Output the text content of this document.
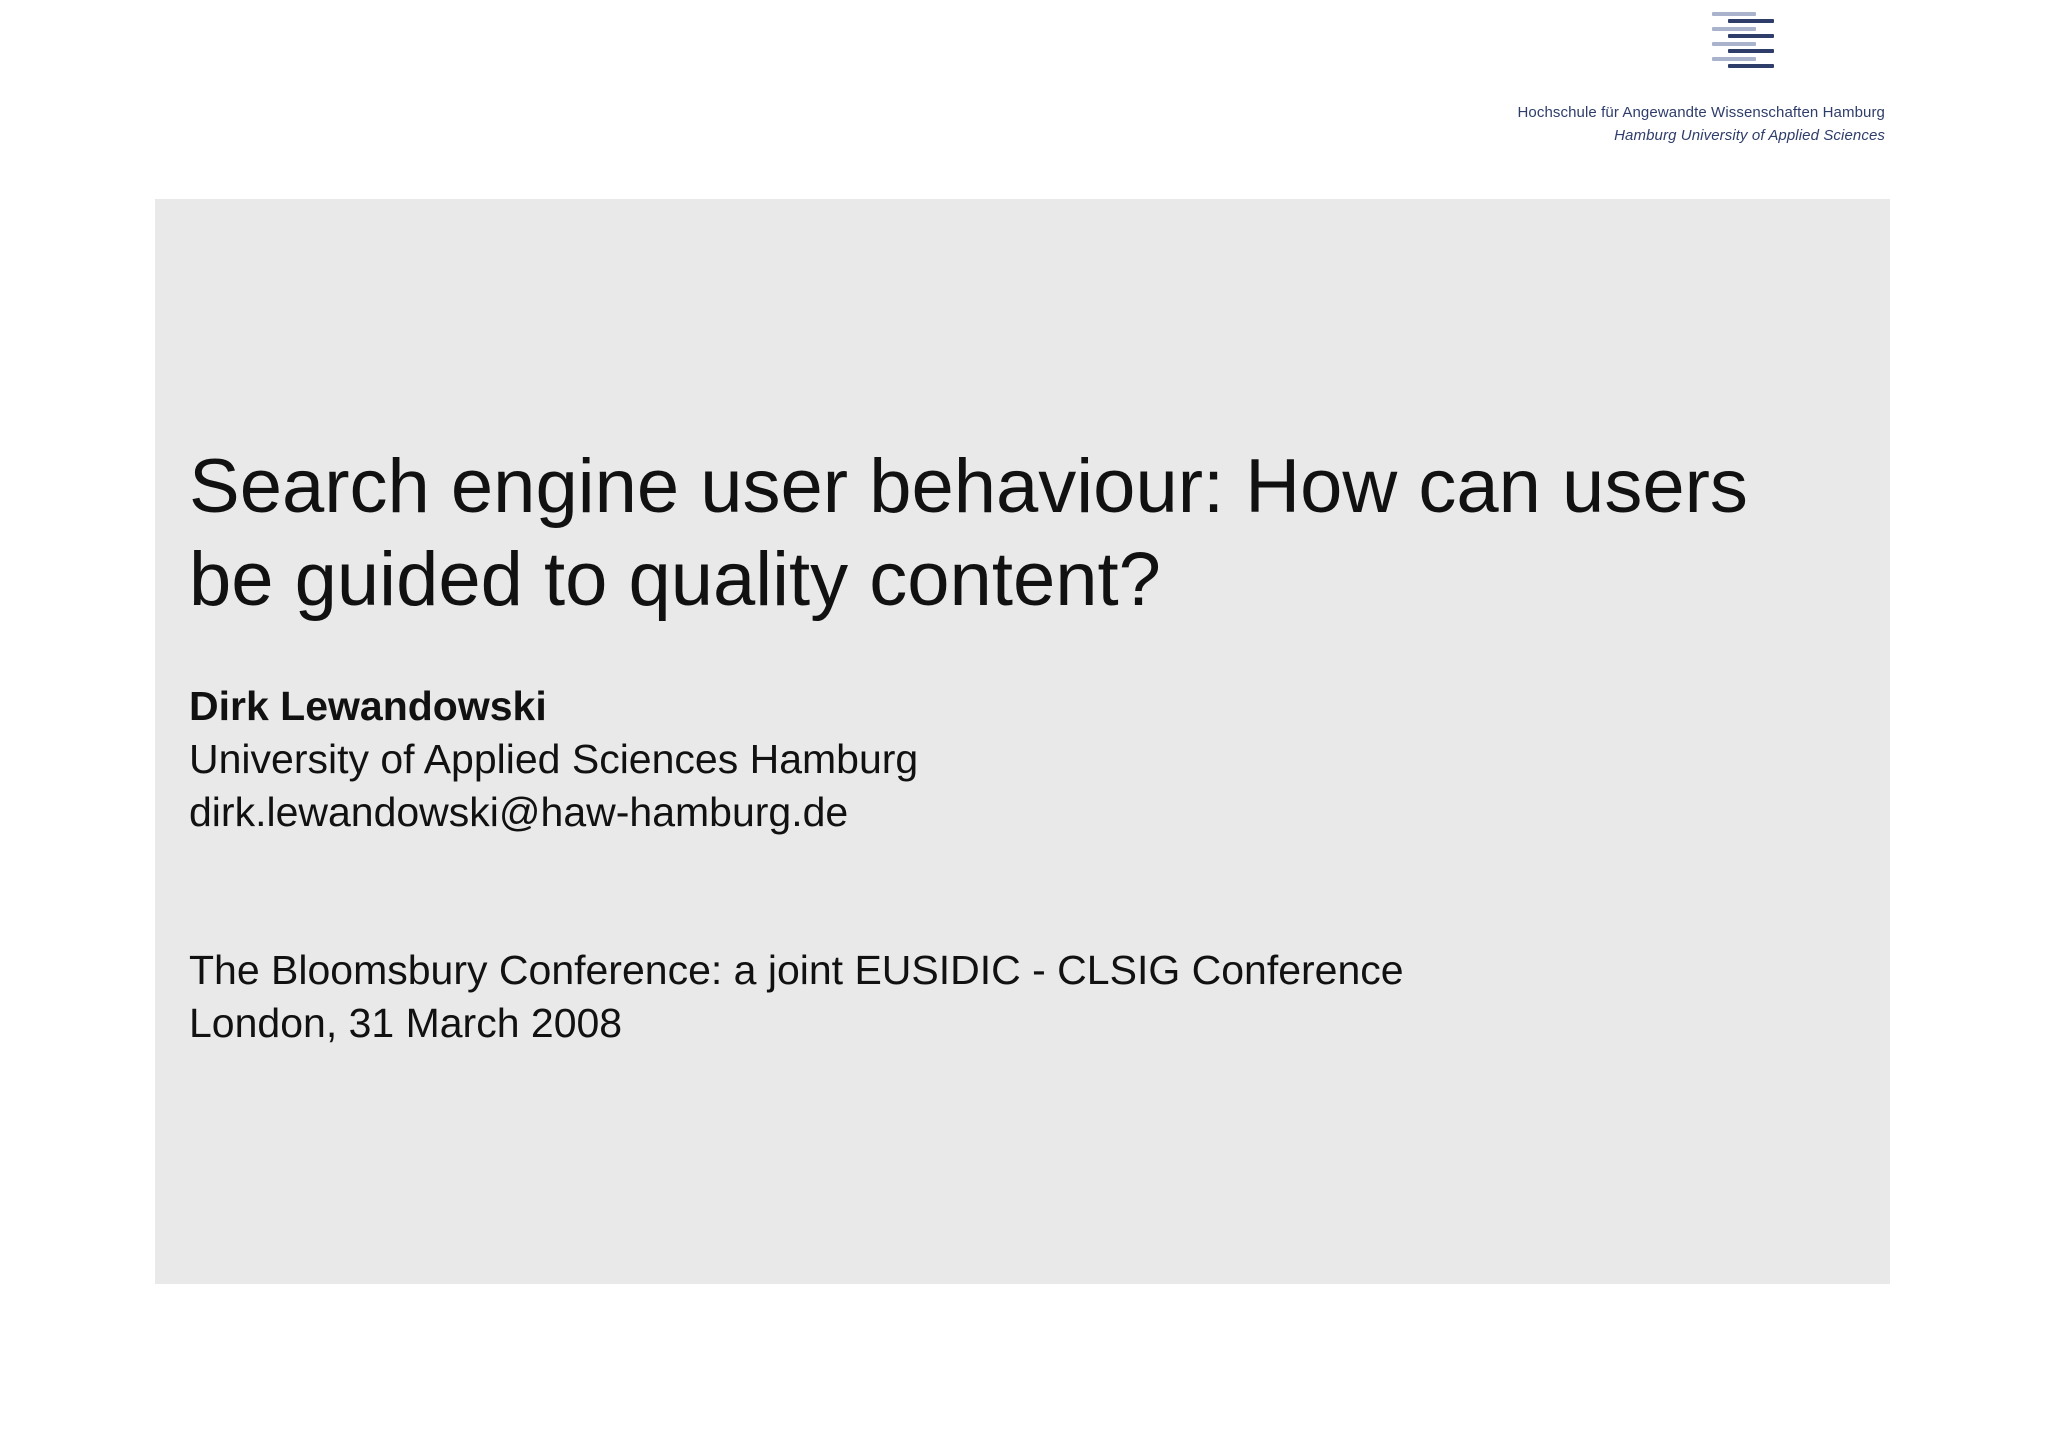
Hochschule für Angewandte Wissenschaften Hamburg
Hamburg University of Applied Sciences
Search engine user behaviour: How can users
be guided to quality content?
Dirk Lewandowski
University of Applied Sciences Hamburg
dirk.lewandowski@haw-hamburg.de
The Bloomsbury Conference: a joint EUSIDIC - CLSIG Conference
London, 31 March 2008
